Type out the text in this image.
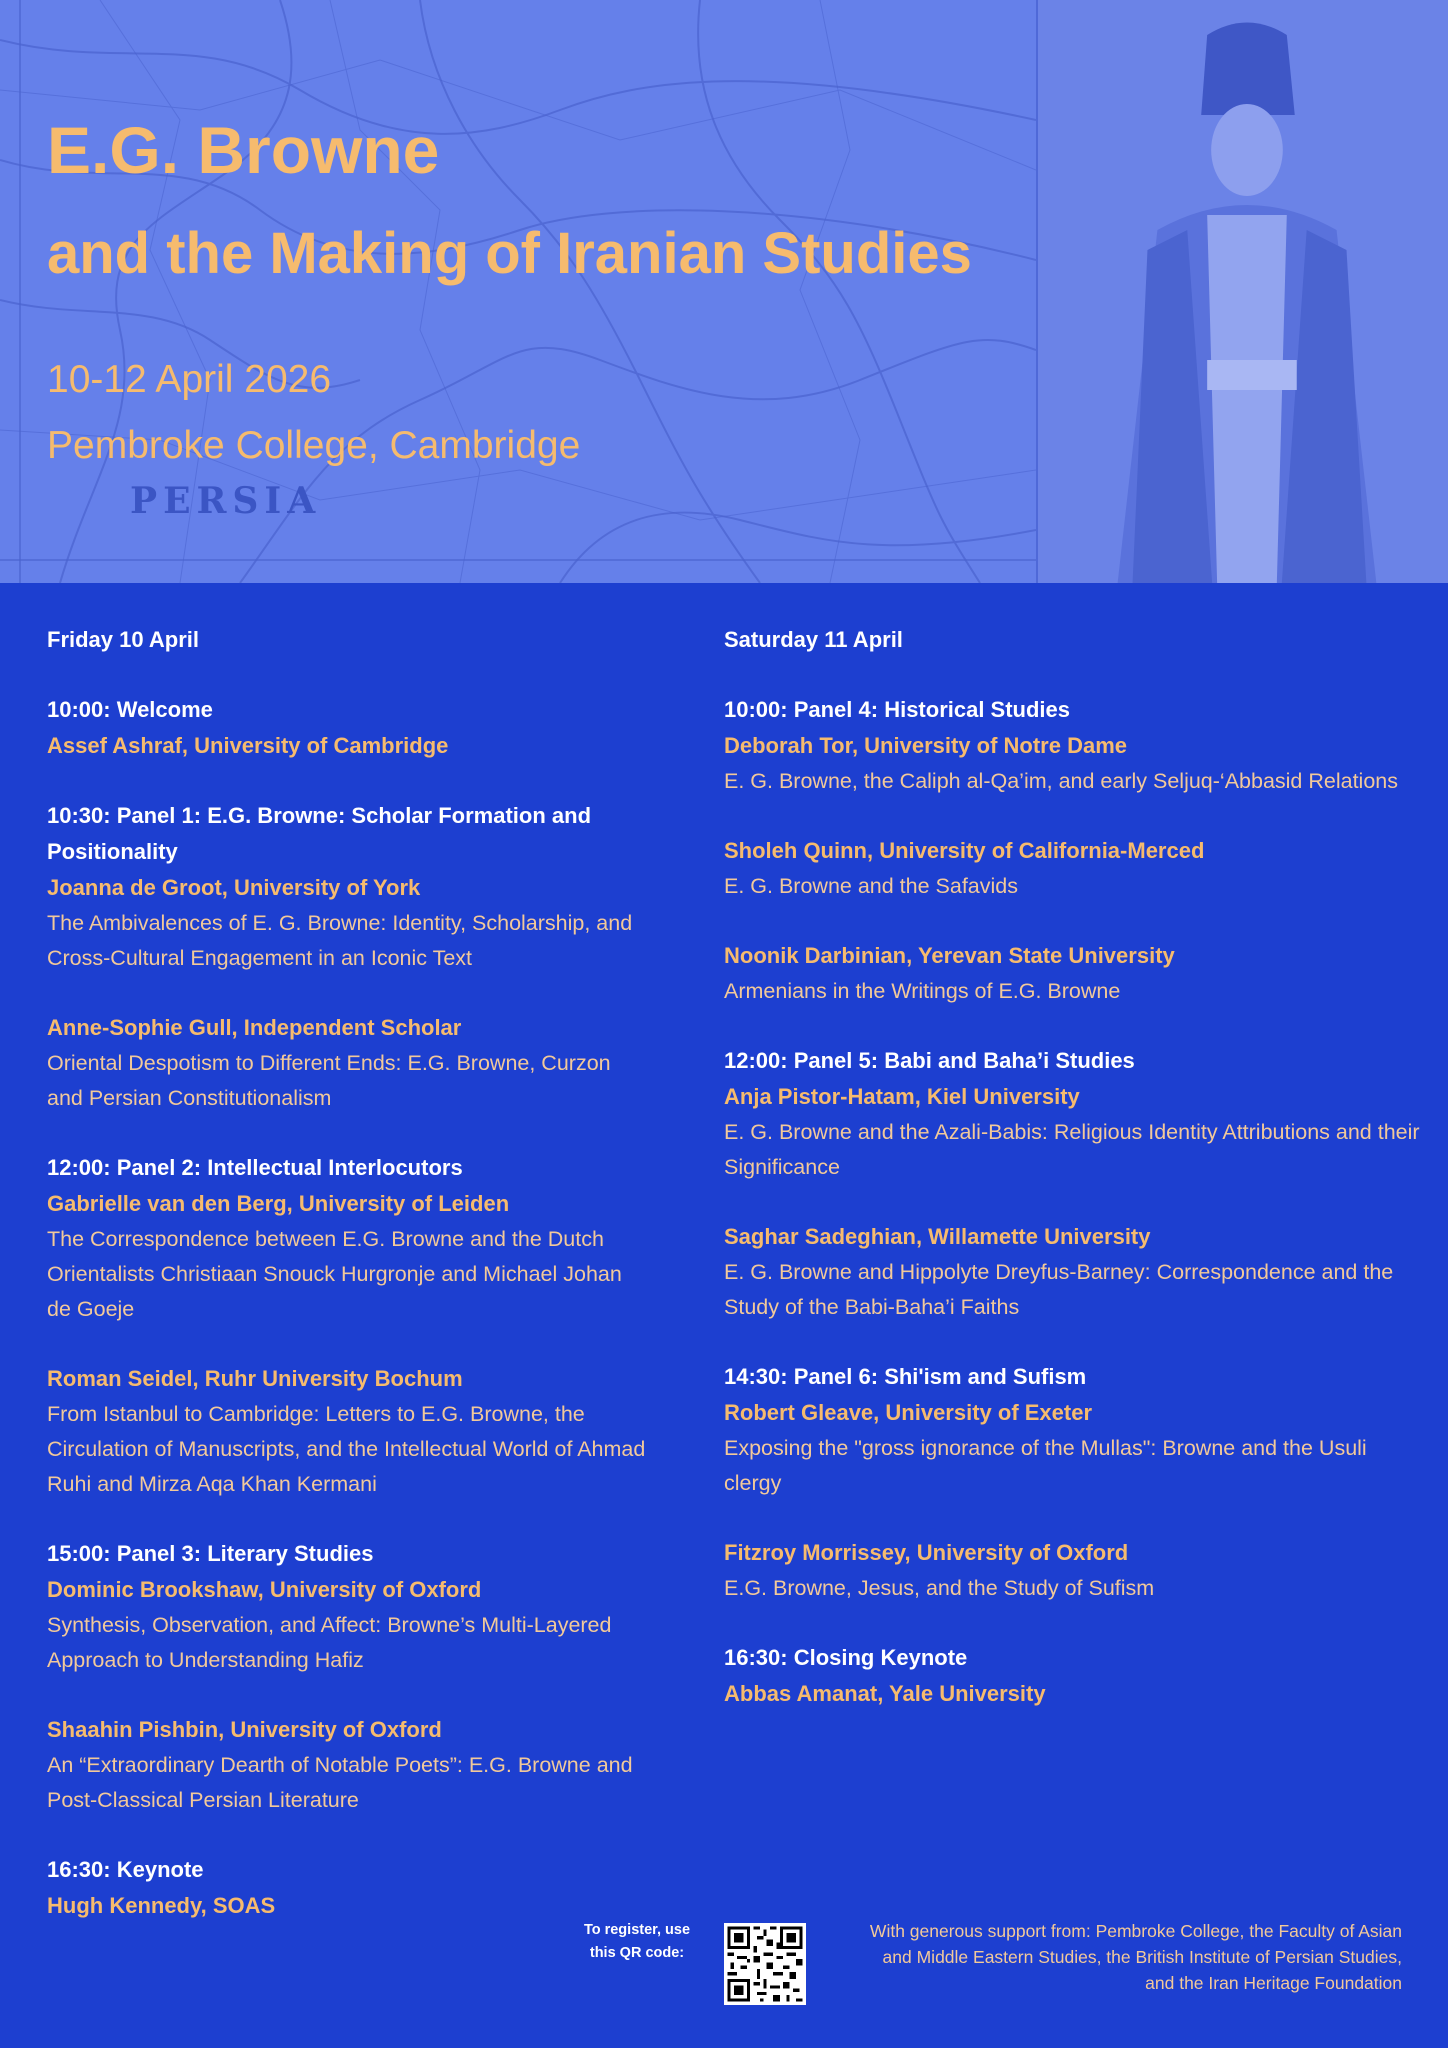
PERSIA
E.G. Browne
and the Making of Iranian Studies
10-12 April 2026
Pembroke College, Cambridge
Friday 10 April
10:00: Welcome
Assef Ashraf, University of Cambridge
10:30: Panel 1: E.G. Browne: Scholar Formation and Positionality
Joanna de Groot, University of York
The Ambivalences of E. G. Browne: Identity, Scholarship, and Cross-Cultural Engagement in an Iconic Text
Anne-Sophie Gull, Independent Scholar
Oriental Despotism to Different Ends: E.G. Browne, Curzon and Persian Constitutionalism
12:00: Panel 2: Intellectual Interlocutors
Gabrielle van den Berg, University of Leiden
The Correspondence between E.G. Browne and the Dutch Orientalists Christiaan Snouck Hurgronje and Michael Johan de Goeje
Roman Seidel, Ruhr University Bochum
From Istanbul to Cambridge: Letters to E.G. Browne, the Circulation of Manuscripts, and the Intellectual World of Ahmad Ruhi and Mirza Aqa Khan Kermani
15:00: Panel 3: Literary Studies
Dominic Brookshaw, University of Oxford
Synthesis, Observation, and Affect: Browne’s Multi-Layered Approach to Understanding Hafiz
Shaahin Pishbin, University of Oxford
An “Extraordinary Dearth of Notable Poets”: E.G. Browne and Post-Classical Persian Literature
16:30: Keynote
Hugh Kennedy, SOAS
Saturday 11 April
10:00: Panel 4: Historical Studies
Deborah Tor, University of Notre Dame
E. G. Browne, the Caliph al-Qa’im, and early Seljuq-‘Abbasid Relations
Sholeh Quinn, University of California-Merced
E. G. Browne and the Safavids
Noonik Darbinian, Yerevan State University
Armenians in the Writings of E.G. Browne
12:00: Panel 5: Babi and Baha’i Studies
Anja Pistor-Hatam, Kiel University
E. G. Browne and the Azali-Babis: Religious Identity Attributions and their Significance
Saghar Sadeghian, Willamette University
E. G. Browne and Hippolyte Dreyfus-Barney: Correspondence and the Study of the Babi-Baha’i Faiths
14:30: Panel 6: Shi'ism and Sufism
Robert Gleave, University of Exeter
Exposing the "gross ignorance of the Mullas": Browne and the Usuli clergy
Fitzroy Morrissey, University of Oxford
E.G. Browne, Jesus, and the Study of Sufism
16:30: Closing Keynote
Abbas Amanat, Yale University
To register, use this QR code:
With generous support from: Pembroke College, the Faculty of Asian and Middle Eastern Studies, the British Institute of Persian Studies, and the Iran Heritage Foundation
